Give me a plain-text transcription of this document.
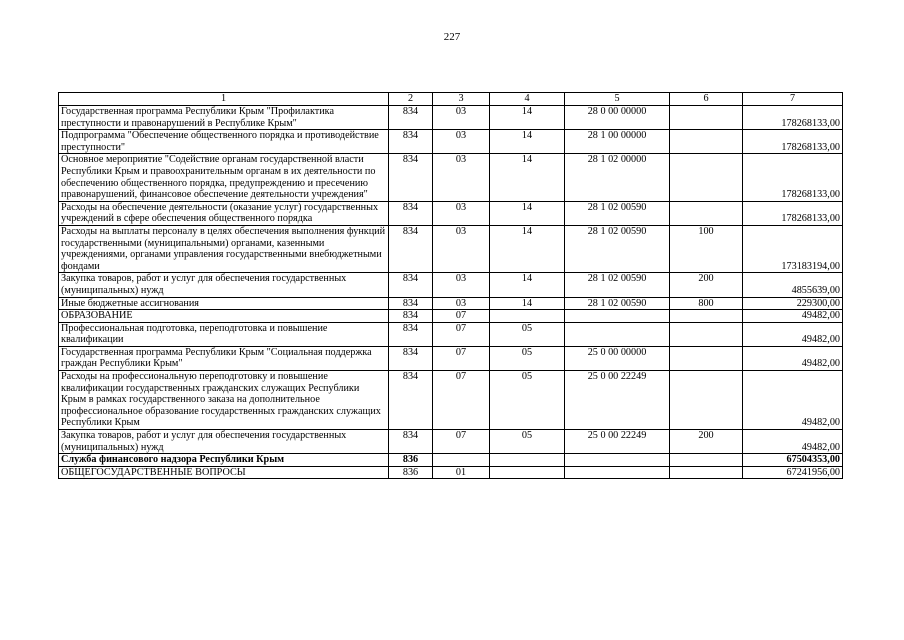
227
1	2	3	4	5	6	7
Государственная программа Республики Крым "Профилактика преступности и правонарушений в Республике Крым"	834	03	14	28 0 00 00000		178268133,00
Подпрограмма "Обеспечение общественного порядка и противодействие преступности"	834	03	14	28 1 00 00000		178268133,00
Основное мероприятие "Содействие органам государственной власти Республики Крым и правоохранительным органам в их деятельности по обеспечению общественного порядка, предупреждению и пресечению правонарушений, финансовое обеспечение деятельности учреждения"	834	03	14	28 1 02 00000		178268133,00
Расходы на обеспечение деятельности (оказание услуг) государственных учреждений в сфере обеспечения общественного порядка	834	03	14	28 1 02 00590		178268133,00
Расходы на выплаты персоналу в целях обеспечения выполнения функций государственными (муниципальными) органами, казенными учреждениями, органами управления государственными внебюджетными фондами	834	03	14	28 1 02 00590	100	173183194,00
Закупка товаров, работ и услуг для обеспечения государственных (муниципальных) нужд	834	03	14	28 1 02 00590	200	4855639,00
Иные бюджетные ассигнования	834	03	14	28 1 02 00590	800	229300,00
ОБРАЗОВАНИЕ	834	07				49482,00
Профессиональная подготовка, переподготовка и повышение квалификации	834	07	05			49482,00
Государственная программа Республики Крым "Социальная поддержка граждан Республики Крым"	834	07	05	25 0 00 00000		49482,00
Расходы на профессиональную переподготовку и повышение квалификации государственных гражданских служащих Республики Крым в рамках государственного заказа на дополнительное профессиональное образование государственных гражданских служащих Республики Крым	834	07	05	25 0 00 22249		49482,00
Закупка товаров, работ и услуг для обеспечения государственных (муниципальных) нужд	834	07	05	25 0 00 22249	200	49482,00
Служба финансового надзора Республики Крым	836					67504353,00
ОБЩЕГОСУДАРСТВЕННЫЕ ВОПРОСЫ	836	01				67241956,00
